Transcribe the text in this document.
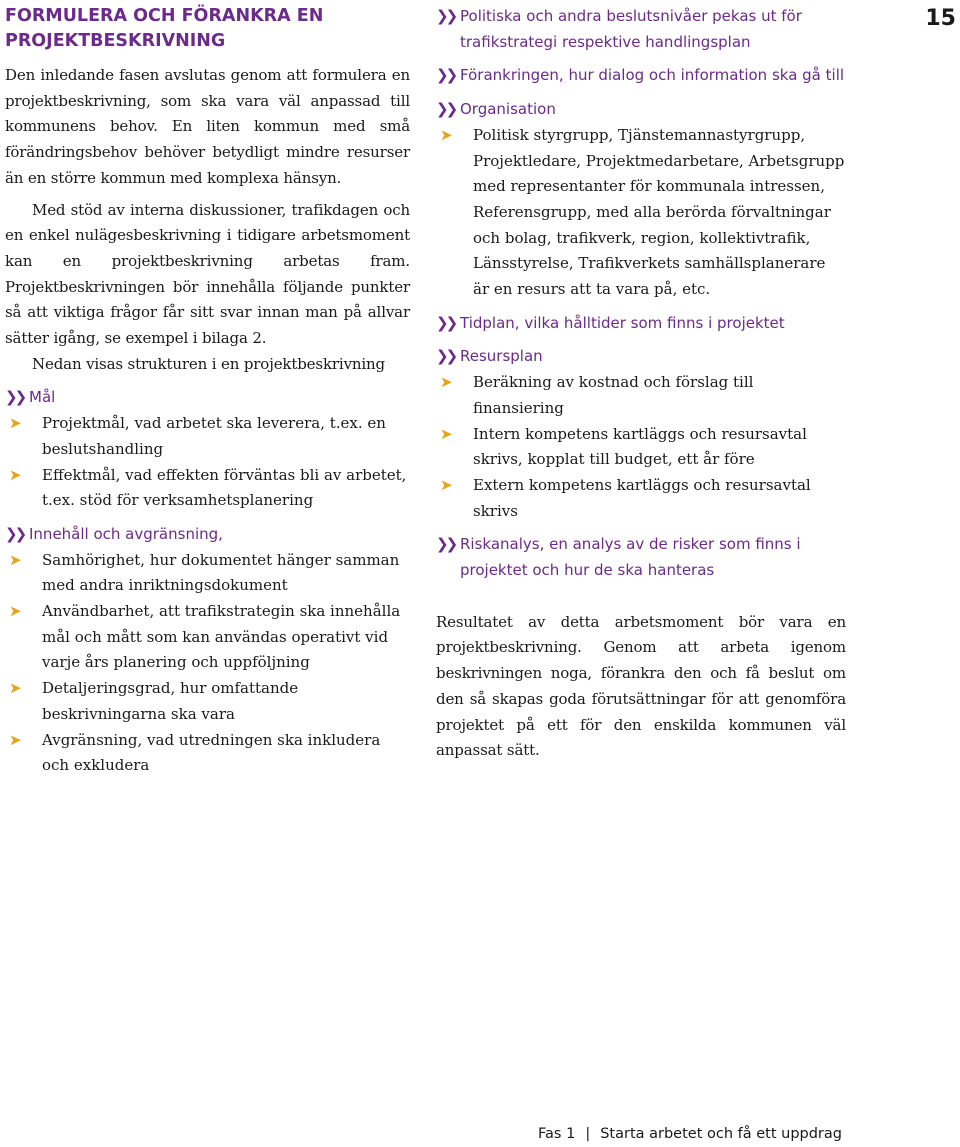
15
FORMULERA OCH FÖRANKRA EN PROJEKTBESKRIVNING

Den inledande fasen avslutas genom att formulera en projektbeskrivning, som ska vara väl anpassad till kommunens behov. En liten kommun med små förändringsbehov behöver betydligt mindre resurser än en större kommun med komplexa hänsyn.

Med stöd av interna diskussioner, trafikdagen och en enkel nulägesbeskrivning i tidigare arbetsmoment kan en projektbeskrivning arbetas fram. Projektbeskrivningen bör innehålla följande punkter så att viktiga frågor får sitt svar innan man på allvar sätter igång, se exempel i bilaga 2.

Nedan visas strukturen i en projektbeskrivning

❯❯ Mål

➤ Projektmål, vad arbetet ska leverera, t.ex. en beslutshandling

➤ Effektmål, vad effekten förväntas bli av arbetet, t.ex. stöd för verksamhetsplanering

❯❯ Innehåll och avgränsning,

➤ Samhörighet, hur dokumentet hänger samman med andra inriktningsdokument

➤ Användbarhet, att trafikstrategin ska innehålla mål och mått som kan användas operativt vid varje års planering och uppföljning

➤ Detaljeringsgrad, hur omfattande beskrivningarna ska vara

➤ Avgränsning, vad utredningen ska inkludera och exkludera

❯❯ Politiska och andra beslutsnivåer pekas ut för trafikstrategi respektive handlingsplan
❯❯ Förankringen, hur dialog och information ska gå till
❯❯ Organisation

➤ Politisk styrgrupp, Tjänstemannastyrgrupp, Projektledare, Projektmedarbetare, Arbetsgrupp med representanter för kommunala intressen, Referensgrupp, med alla berörda förvaltningar och bolag, trafikverk, region, kollektivtrafik, Länsstyrelse, Trafikverkets samhällsplanerare är en resurs att ta vara på, etc.

❯❯ Tidplan, vilka hålltider som finns i projektet
❯❯ Resursplan

➤ Beräkning av kostnad och förslag till finansiering

➤ Intern kompetens kartläggs och resursavtal skrivs, kopplat till budget, ett år före

➤ Extern kompetens kartläggs och resursavtal skrivs

❯❯ Riskanalys, en analys av de risker som finns i projektet och hur de ska hanteras

Resultatet av detta arbetsmoment bör vara en projektbeskrivning. Genom att arbeta igenom beskrivningen noga, förankra den och få beslut om den så skapas goda förutsättningar för att genomföra projektet på ett för den enskilda kommunen väl anpassat sätt.

Fas 1 | Starta arbetet och få ett uppdrag
